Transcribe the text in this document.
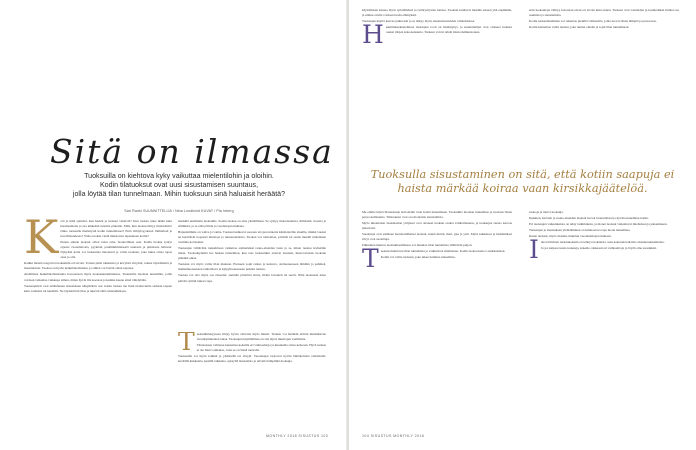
Sitä on ilmassa
Tuoksuilla on kiehtova kyky vaikuttaa mielentilohin ja oloihin.
Kodin tilatuoksut ovat uusi sisustamisen suuntaus,
jolla löytää tilan tunnelmaan. Mihin tuoksuun sinä haluaisit heräätä?
Sari Ranki SUUNNITTELIJA / Nina Lundkvist KUVAT / Pia Inberg

Kotä ja mitä ajattelet, kun herkät ja tuoksut viestivät? Kun tuoksu tulee ikään kuin huomaamatta ja saa lehkeästi tunteita pinnalle. Mitä, kun tuoksu liittyy muistoihin? Onko tuoksulla merkitystä kodin tunnelmassa? Entä viihtyisyydessä, lämmössä ja turvallisuudessa? Voiko tuoksu viedä muistoissa lapsuuteen kotiin?

Ennen aikaan tuoksut olivat talon oma, luonnollinen asia. Kodin tuoksu syntyi arjesta: ruoanlaitosta, pyykistä, puulämmitteisestä saunasta ja puhtaasta lattiasta. Nykyään kotia voi tuoksuttaa tietoisesti ja valita tuoksun, joka tukee omaa tapaa asua ja olla.

Kaikki meistä reagoivat tuoksuihin eri tavoin. Toinen pitää raikkaista ja kevyistä sävyistä, toinen täyteläisistä ja mausteisista. Tuoksu on hyvin henkilökohtainen, ja siihen voi löytää oman tapansa.

Aistimisen henkilökohtaisuutta korostetaan myös tuoksusuunnittelussa. Tuoksuilla luodaan tunnelmia, joilla voidaan vaikuttaa vaikkapa siihen, miten hyvin tila koetaan ja kuinka kauan siinä viihdytään.

Tuoksupäivät ovat eräänlainen sisustuksen näkymätön osa: kotiin tuoksu tuo lisää ulottuvuutta samaan tapaan kuin valaistus tai tekstiilit. Ne täydentävät tilaa ja tekevät siitä omannäköisen.

merkkiä uusillekin tuoksuille. Kodin tuoksu on aina yksilöllinen. Se syntyy materiaaleista, ihmisistä, ruoasta ja eläimistä, ja se elää päivän ja vuodenajan mukana.

Hajuaistimme on vahva ja vanha. Tuoksut kulkevat suoraan aivojen tunteita käsitteleville alueille, minkä vuoksi ne herättävät nopeasti muistoja ja tunnereaktioita. Tuoksu voi rauhoittaa, piristää tai saada meidät tuntemaan olomme kotoisaksi.

Tuoksujen viiltävään tunnelmaan vaikuttaa esimerkiksi raaka-aineiden laatu ja se, miten tuoksu levitetään tilaan. Tuoksukynttilä luo hetken tunnelman, kun taas tuoksutikut antavat tasaisen, hienovaraisen tuoksun pitkäksi aikaa.

Tuoksun voi myös valita tilan mukaan. Eteiseen sopii raikas ja kutsuva, olohuoneeseen lämmin ja pehmeä, makuuhuoneeseen rauhoittava ja kylpyhuoneeseen puhdas tuoksu.

Tuoksu voi olla myös osa rituaalia: aamulla piristävä sitrus, illalla laventeli tai seetri. Näin tuoksusta tulee päivän rytmiä tukeva tapa.

Tuoksuihmisyyteen liittyy hyvin vahvasti myös muisti. Tuoksu voi herättää elävän muistikuvan vuosikymmenten takaa. Tuoksujen käyttäminen on siis myös muistojen vaalimista.

Tilatuoksua valitessa kannattaa kokeilla eri vaihtoehtoja ja kuunnella omaa kehoaan. Hyvä tuoksu ei ole liian voimakas, vaan se on läsnä taustalla.

Tuoksuilla voi myös leikkiä ja yhdistellä eri sävyjä. Vuodenajat tarjoavat hyvän lähtökohdan vaihtelulle: keväällä kukkaisia, kesällä raikkaita, syksyllä mausteisia ja talvella lämpimiä tuoksuja.

MONTHLY 2018 SISUSTUS 103

käyttämisen kanssa myös työelämässä ja tyttäryritysten kanssa. Tuoksut kuuluvat meidän arkeen yhä enemmän, ja niiden avulla voidaan luoda elämyksiä.

Tuoksujen käyttö kasvaa jatkuvasti ja se näkyy myös sisustustuotteiden valikoimassa.

Heskitilakeskusteluissa tuoksujen rooli on lisääntynyt, ja suunnittelijat ovat ottaneet tuoksut osaksi tilojen kokonaisuutta. Tuoksut voivat tehdä tilasta ikimuistoisen.

erän tuoksuttaja viihtyy kotonaan aivan eri tavoin kuin ennen. Tuoksut ovat vaatteiden ja kosmetiikan lisäksi osa asumista ja sisustamista.

Kodin tuoksumaailman voi rakentaa pienillä valinnoilla, jotka tuovat tilaan lämpöä ja persoonaa.

Kotiin kannattaa valita tuoksu, joka tuntuu omalta ja sopii tilan tunnelmaan.

Tuoksulla sisustaminen on sitä, että kotiin saapuja ei haista märkää koiraa vaan kirsikkajäätelöä.

Me emme käytä tilatuoksuja hoitoalalle vaan kodin tunnelmaan. Tuoksuilla luodaan tunnelmaa ja tuodaan tilaan persoonallisuutta. Tilatuoksut ovat osa modernia sisustamista.

Myös ulkomaiset sisustusalan yritykset ovat ottaneet tuoksut osaksi valikoimaansa, ja tuoksujen suosio kasvaa jatkuvasti.

Suosittuja ovat edelleen luonnonläheiset tuoksut, kuten metsä, meri, puu ja yrtit. Myös kukkaiset ja hedelmäiset sävyt ovat suosittuja.

Pikkuinen muutos tuoksumaailmassa voi muuttaa tilan tunnelmaa yllättävän paljon.

Tuoksut muuttavat tilan tunnelmaa ja vaikuttavat mielialaan. Kodin tuoksu kertoo asukkaistaan.

Kotiin voi valita tuoksun, joka tukee haluttua tunnelmaa.

ruokoja ja mervi tuoksuja.

Kukkien, kasvien ja ruoka-aineiden tuoksut luovat luonnollisen ja hyvän tunnelman kotiin.

Eri tuoksujen vaikutuksista on tehty tutkimuksia, ja monet tuoksut vaikuttavat mielialaan ja jaksamiseen.

Tuoksujen ja sisustuksen yhdistäminen on kiinnostava tapa luoda tunnelmaa.

Kuten tuoksut, myös sisustus muuttuu vuodenaikojen mukaan.

Innovatiivinen tuoksukokeilu on tehnyt tuoksuista osan kokonaisvaltaista sisustussuunnittelua.

Ja jos kaipaat uusia tuoksuja, kokeile rohkeasti eri vaihtoehtoja ja löydä oma suosikkisi.

104 SISUSTUS MONTHLY 2018
